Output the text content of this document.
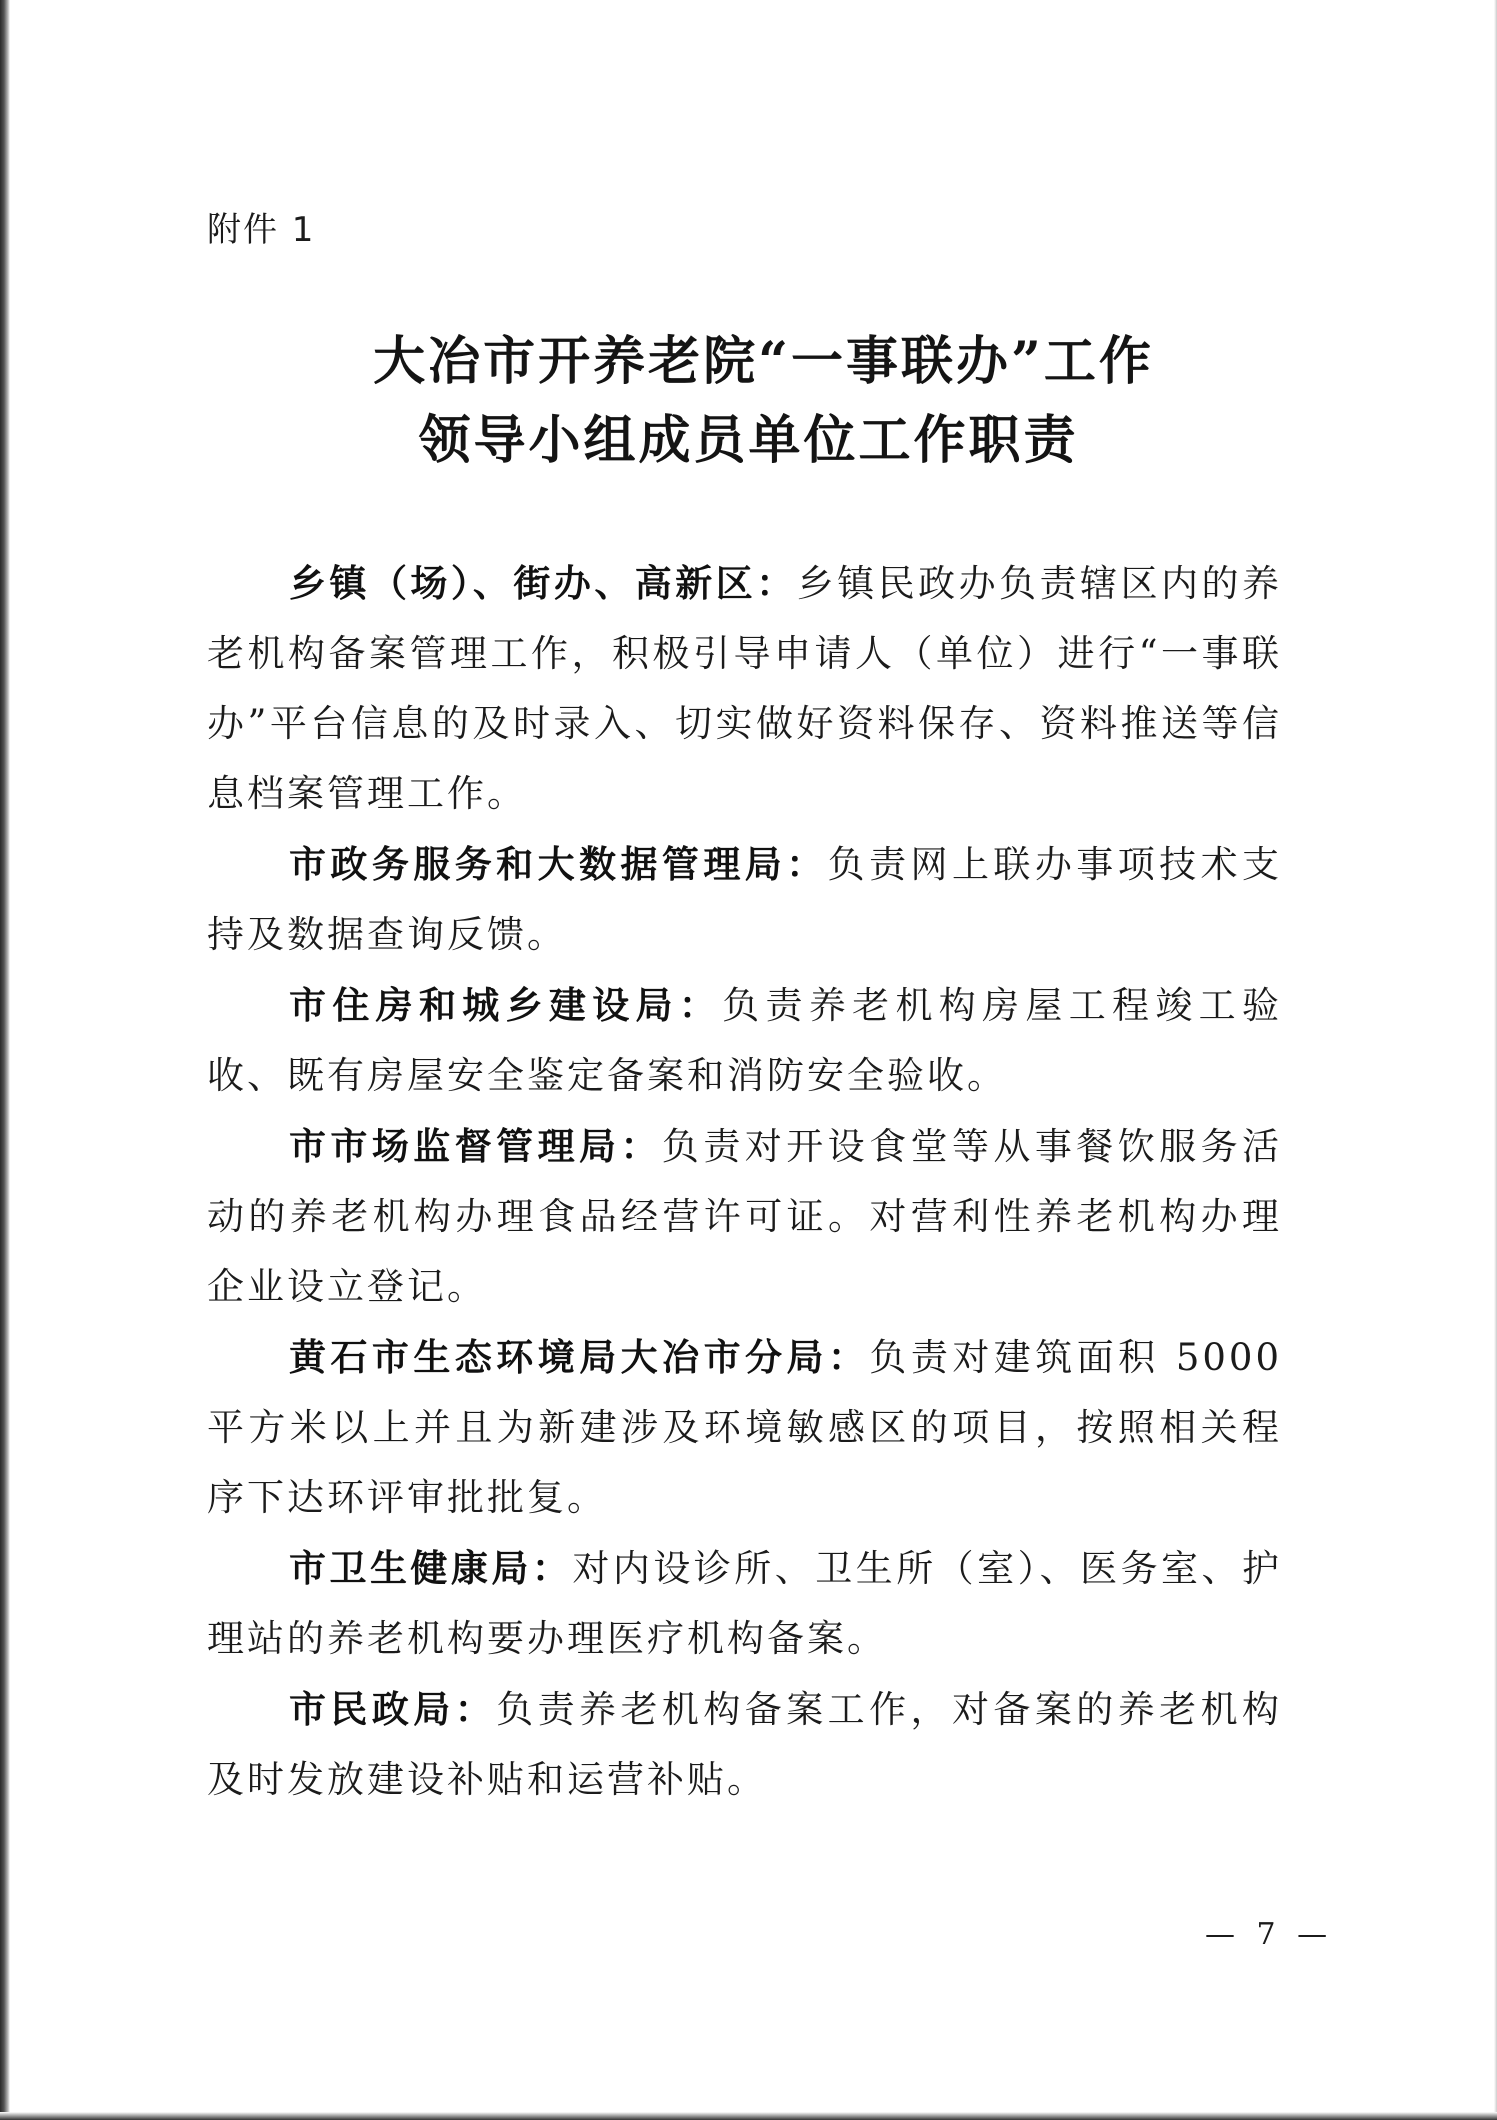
附件 1
大冶市开养老院“一事联办”工作
领导小组成员单位工作职责

乡镇（场）、街办、高新区：乡镇民政办负责辖区内的养老机构备案管理工作，积极引导申请人（单位）进行“一事联办”平台信息的及时录入、切实做好资料保存、资料推送等信息档案管理工作。

市政务服务和大数据管理局：负责网上联办事项技术支持及数据查询反馈。

市住房和城乡建设局：负责养老机构房屋工程竣工验收、既有房屋安全鉴定备案和消防安全验收。

市市场监督管理局：负责对开设食堂等从事餐饮服务活动的养老机构办理食品经营许可证。对营利性养老机构办理企业设立登记。

黄石市生态环境局大冶市分局：负责对建筑面积 5000 平方米以上并且为新建涉及环境敏感区的项目，按照相关程序下达环评审批批复。

市卫生健康局：对内设诊所、卫生所（室）、医务室、护理站的养老机构要办理医疗机构备案。

市民政局：负责养老机构备案工作，对备案的养老机构及时发放建设补贴和运营补贴。

— 7 —
